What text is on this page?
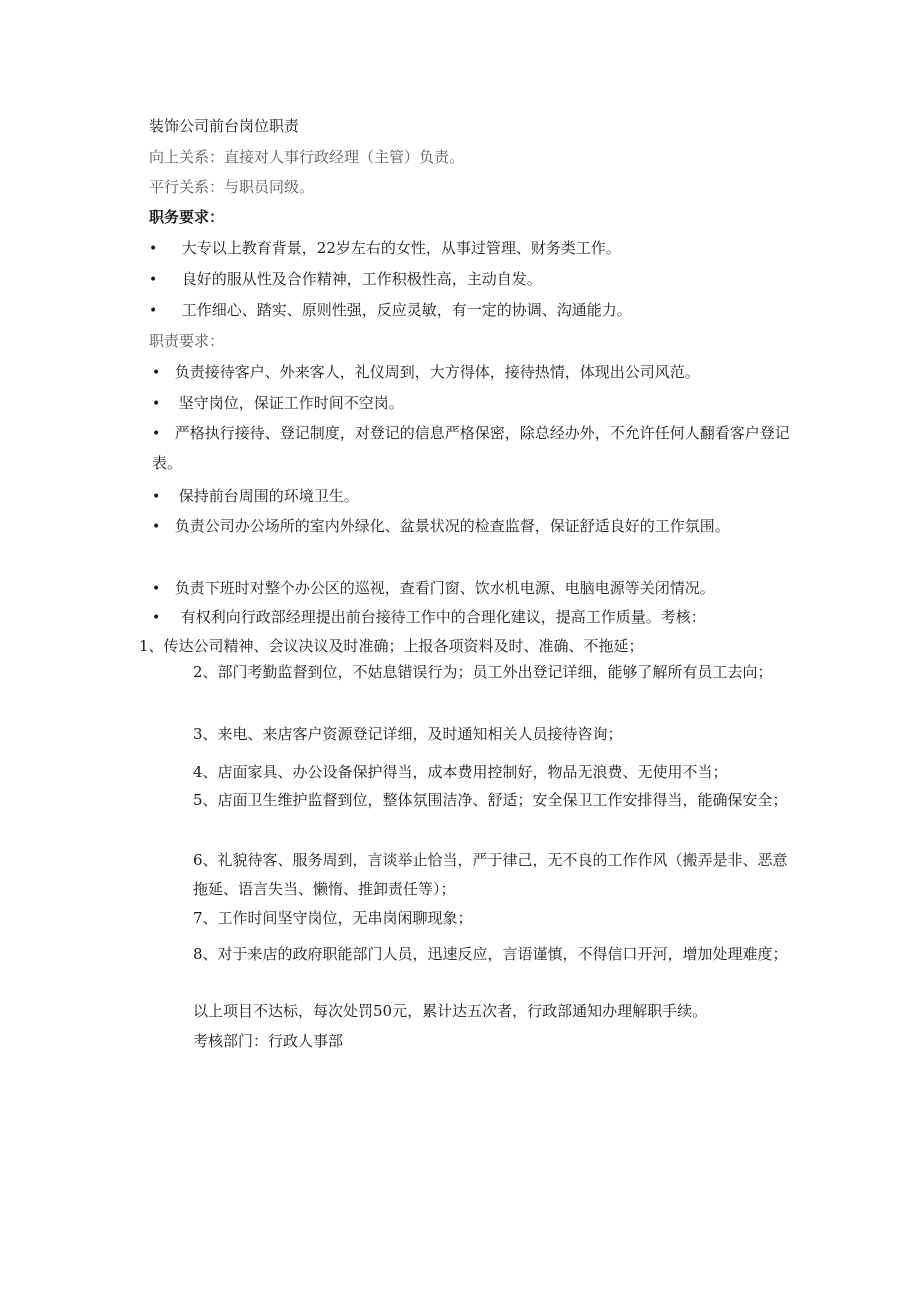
装饰公司前台岗位职责
向上关系：直接对人事行政经理（主管）负责。
平行关系：与职员同级。
职务要求：
• 大专以上教育背景，22岁左右的女性，从事过管理、财务类工作。
• 良好的服从性及合作精神，工作积极性高，主动自发。
• 工作细心、踏实、原则性强，反应灵敏，有一定的协调、沟通能力。
职责要求：
• 负责接待客户、外来客人，礼仪周到，大方得体，接待热情，体现出公司风范。
• 坚守岗位，保证工作时间不空岗。
• 严格执行接待、登记制度，对登记的信息严格保密，除总经办外，不允许任何人翻看客户登记表。
• 保持前台周围的环境卫生。
• 负责公司办公场所的室内外绿化、盆景状况的检查监督，保证舒适良好的工作氛围。
• 负责下班时对整个办公区的巡视，查看门窗、饮水机电源、电脑电源等关闭情况。
• 有权利向行政部经理提出前台接待工作中的合理化建议，提高工作质量。考核：
1、传达公司精神、会议决议及时准确；上报各项资料及时、准确、不拖延；
2、部门考勤监督到位，不姑息错误行为；员工外出登记详细，能够了解所有员工去向；
3、来电、来店客户资源登记详细，及时通知相关人员接待咨询；
4、店面家具、办公设备保护得当，成本费用控制好，物品无浪费、无使用不当；
5、店面卫生维护监督到位，整体氛围洁净、舒适；安全保卫工作安排得当，能确保安全；
6、礼貌待客、服务周到，言谈举止恰当，严于律己，无不良的工作作风（搬弄是非、恶意拖延、语言失当、懒惰、推卸责任等）；
7、工作时间坚守岗位，无串岗闲聊现象；
8、对于来店的政府职能部门人员，迅速反应，言语谨慎，不得信口开河，增加处理难度；
以上项目不达标，每次处罚50元，累计达五次者，行政部通知办理解职手续。
考核部门：行政人事部
